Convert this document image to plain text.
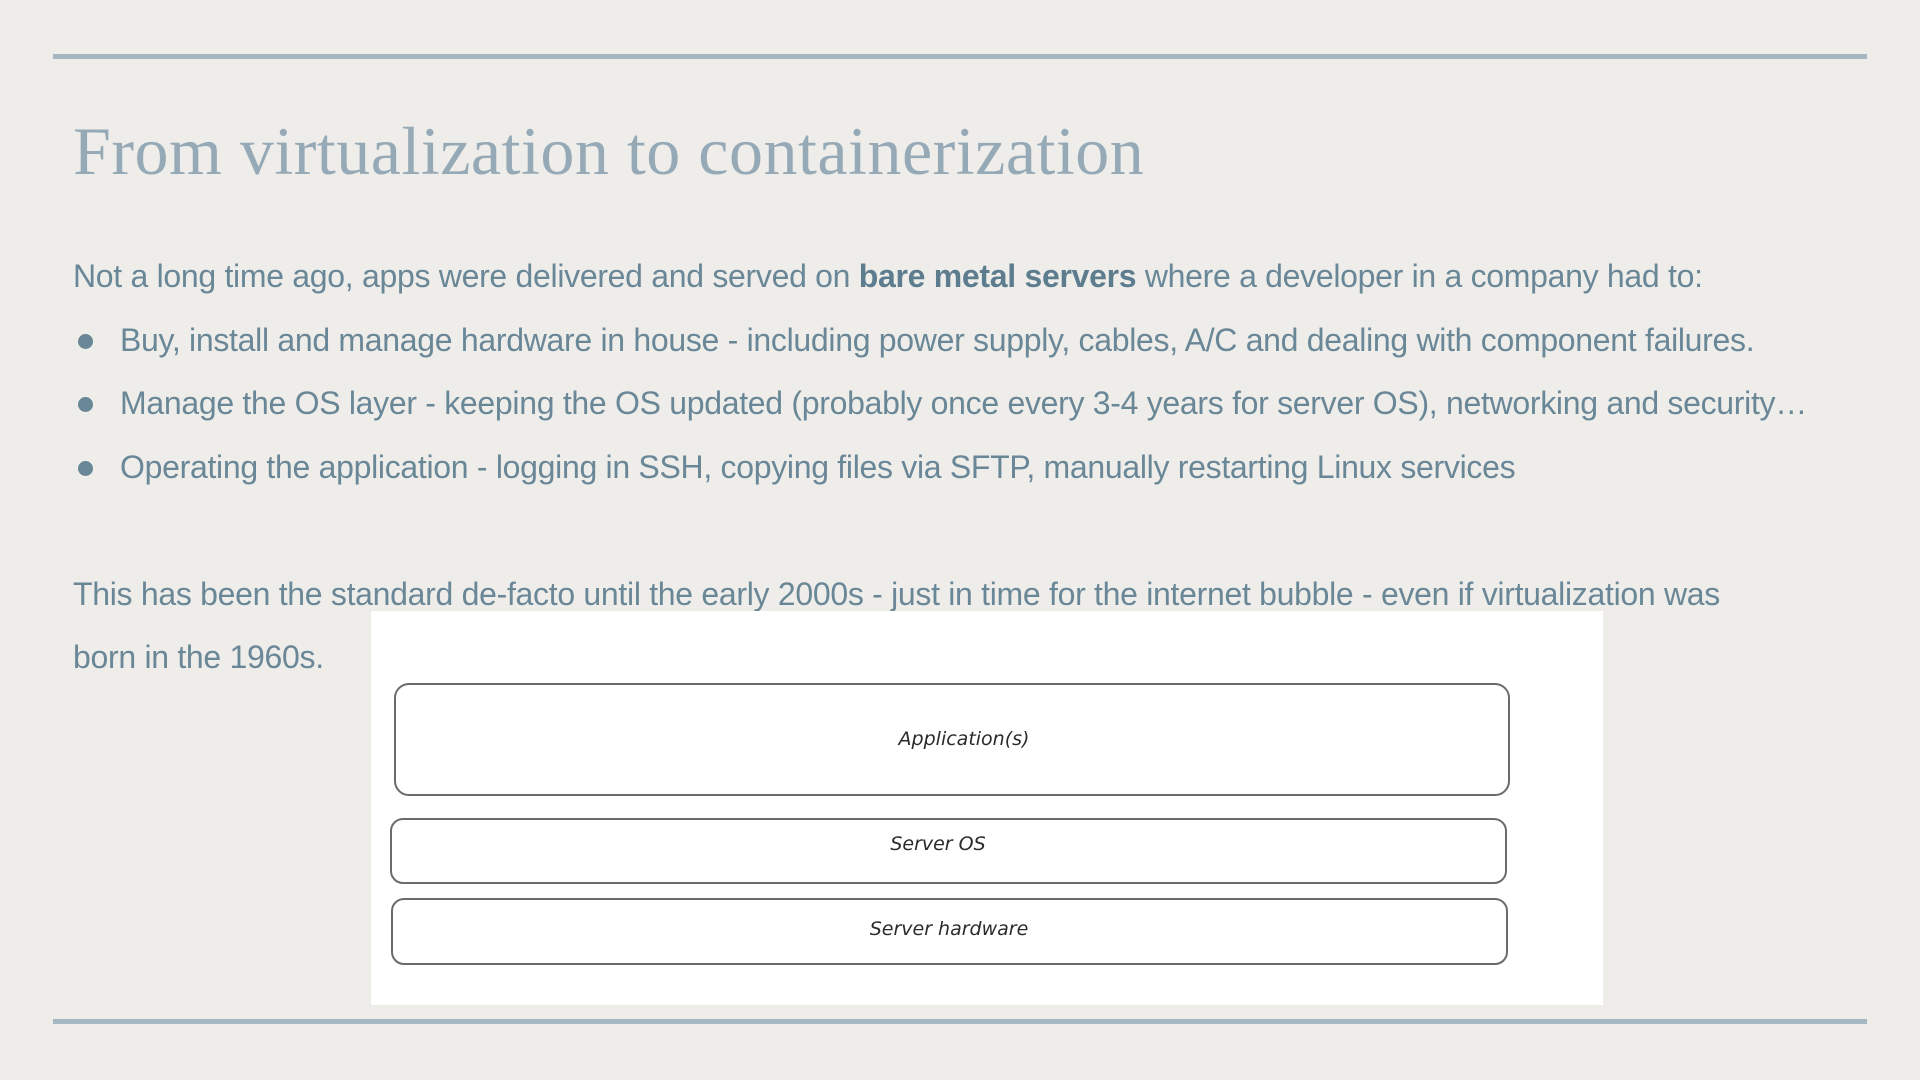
From virtualization to containerization

Not a long time ago, apps were delivered and served on bare metal servers where a developer in a company had to:

Buy, install and manage hardware in house - including power supply, cables, A/C and dealing with component failures.
Manage the OS layer - keeping the OS updated (probably once every 3-4 years for server OS), networking and security…
Operating the application - logging in SSH, copying files via SFTP, manually restarting Linux services

This has been the standard de-facto until the early 2000s - just in time for the internet bubble - even if virtualization was

born in the 1960s.

Application(s)
Server OS
Server hardware
